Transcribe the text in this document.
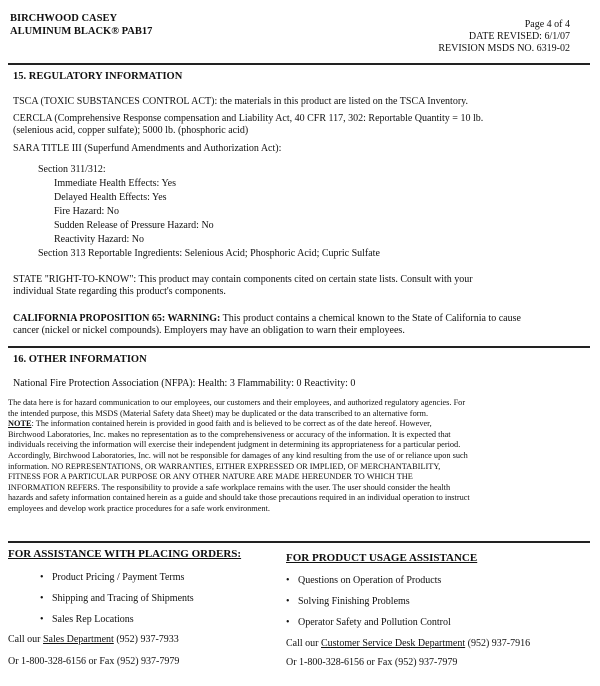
BIRCHWOOD CASEY
ALUMINUM BLACK® PAB17
Page 4 of 4
DATE REVISED: 6/1/07
REVISION MSDS NO. 6319-02
15. REGULATORY INFORMATION
TSCA (TOXIC SUBSTANCES CONTROL ACT): the materials in this product are listed on the TSCA Inventory.
CERCLA (Comprehensive Response compensation and Liability Act, 40 CFR 117, 302: Reportable Quantity = 10 lb.
(selenious acid, copper sulfate); 5000 lb. (phosphoric acid)
SARA TITLE III (Superfund Amendments and Authorization Act):
Section 311/312:
Immediate Health Effects: Yes
Delayed Health Effects: Yes
Fire Hazard: No
Sudden Release of Pressure Hazard: No
Reactivity Hazard: No
Section 313 Reportable Ingredients: Selenious Acid; Phosphoric Acid; Cupric Sulfate
STATE "RIGHT-TO-KNOW": This product may contain components cited on certain state lists. Consult with your
individual State regarding this product's components.
CALIFORNIA PROPOSITION 65: WARNING: This product contains a chemical known to the State of California to cause
cancer (nickel or nickel compounds). Employers may have an obligation to warn their employees.
16. OTHER INFORMATION
National Fire Protection Association (NFPA): Health: 3 Flammability: 0 Reactivity: 0
The data here is for hazard communication to our employees, our customers and their employees, and authorized regulatory agencies. For
the intended purpose, this MSDS (Material Safety data Sheet) may be duplicated or the data transcribed to an alternative form.
NOTE: The information contained herein is provided in good faith and is believed to be correct as of the date hereof. However,
Birchwood Laboratories, Inc. makes no representation as to the comprehensiveness or accuracy of the information. It is expected that
individuals receiving the information will exercise their independent judgment in determining its appropriateness for a particular period.
Accordingly, Birchwood Laboratories, Inc. will not be responsible for damages of any kind resulting from the use of or reliance upon such
information. NO REPRESENTATIONS, OR WARRANTIES, EITHER EXPRESSED OR IMPLIED, OF MERCHANTABILITY,
FITNESS FOR A PARTICULAR PURPOSE OR ANY OTHER NATURE ARE MADE HEREUNDER TO WHICH THE
INFORMATION REFERS. The responsibility to provide a safe workplace remains with the user. The user should consider the health
hazards and safety information contained herein as a guide and should take those precautions required in an individual operation to instruct
employees and develop work practice procedures for a safe work environment.
FOR ASSISTANCE WITH PLACING ORDERS:
• Product Pricing / Payment Terms
• Shipping and Tracing of Shipments
• Sales Rep Locations
Call our Sales Department (952) 937-7933
Or 1-800-328-6156 or Fax (952) 937-7979
FOR PRODUCT USAGE ASSISTANCE
• Questions on Operation of Products
• Solving Finishing Problems
• Operator Safety and Pollution Control
Call our Customer Service Desk Department (952) 937-7916
Or 1-800-328-6156 or Fax (952) 937-7979
